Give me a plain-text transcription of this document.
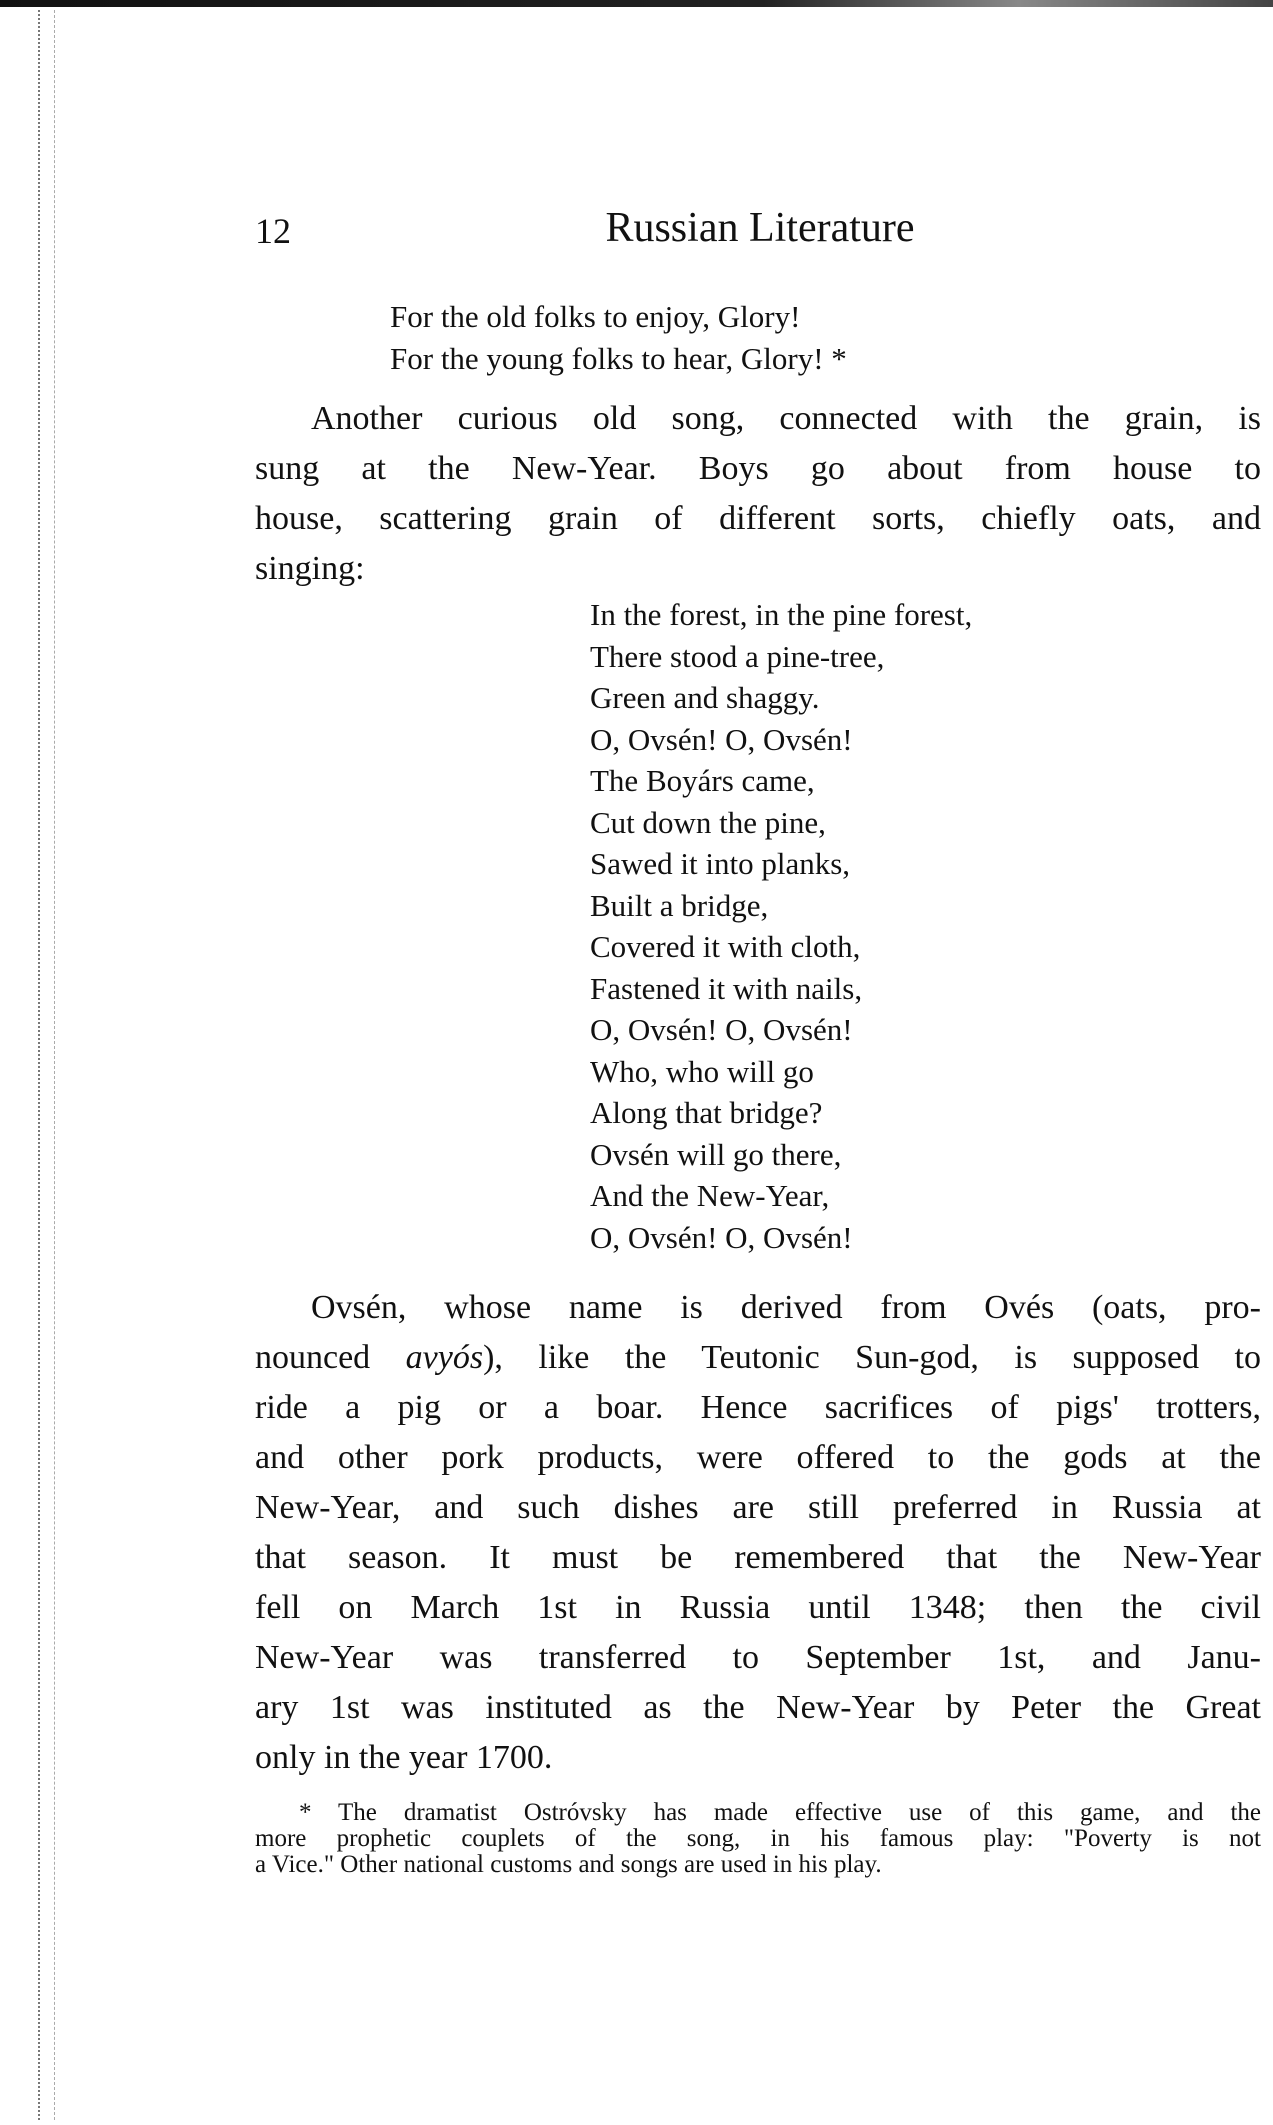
12	Russian Literature
For the old folks to enjoy, Glory!
For the young folks to hear, Glory! *
Another curious old song, connected with the grain, is
sung at the New-Year. Boys go about from house to
house, scattering grain of different sorts, chiefly oats, and
singing:
In the forest, in the pine forest,
There stood a pine-tree,
Green and shaggy.
O, Ovsén! O, Ovsén!
The Boyárs came,
Cut down the pine,
Sawed it into planks,
Built a bridge,
Covered it with cloth,
Fastened it with nails,
O, Ovsén! O, Ovsén!
Who, who will go
Along that bridge?
Ovsén will go there,
And the New-Year,
O, Ovsén! O, Ovsén!
Ovsén, whose name is derived from Ovés (oats, pro-
nounced avyós), like the Teutonic Sun-god, is supposed to
ride a pig or a boar. Hence sacrifices of pigs' trotters,
and other pork products, were offered to the gods at the
New-Year, and such dishes are still preferred in Russia at
that season. It must be remembered that the New-Year
fell on March 1st in Russia until 1348; then the civil
New-Year was transferred to September 1st, and Janu-
ary 1st was instituted as the New-Year by Peter the Great
only in the year 1700.
* The dramatist Ostróvsky has made effective use of this game, and the
more prophetic couplets of the song, in his famous play: "Poverty is not
a Vice." Other national customs and songs are used in his play.
